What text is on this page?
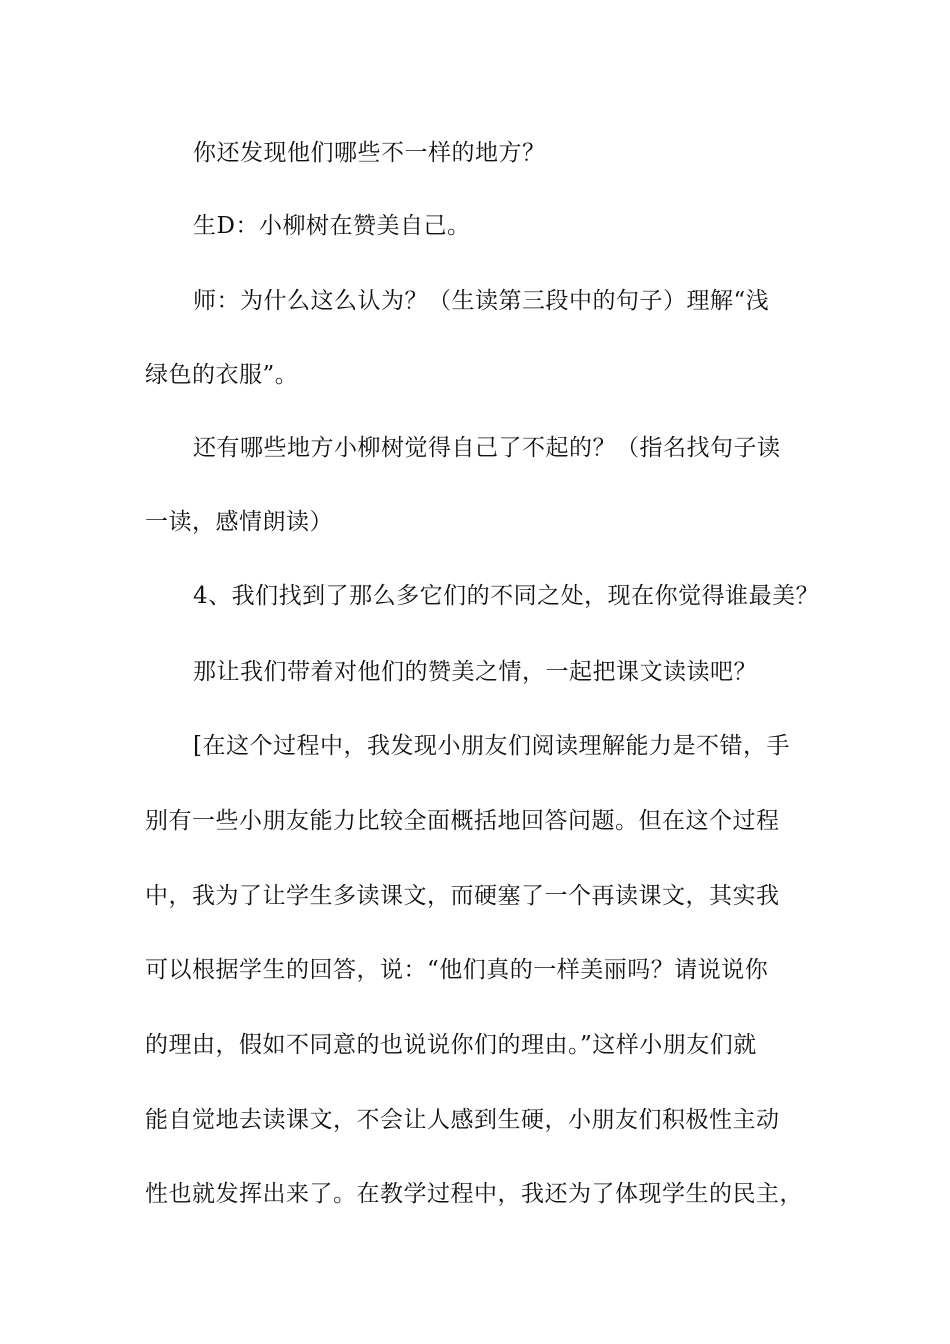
你还发现他们哪些不一样的地方？

生D：小柳树在赞美自己。

师：为什么这么认为？（生读第三段中的句子）理解“浅

绿色的衣服”。

还有哪些地方小柳树觉得自己了不起的？（指名找句子读

一读，感情朗读）

4、我们找到了那么多它们的不同之处，现在你觉得谁最美？

那让我们带着对他们的赞美之情，一起把课文读读吧？

[在这个过程中，我发现小朋友们阅读理解能力是不错，手

别有一些小朋友能力比较全面概括地回答问题。但在这个过程

中，我为了让学生多读课文，而硬塞了一个再读课文，其实我

可以根据学生的回答，说：“他们真的一样美丽吗？请说说你

的理由，假如不同意的也说说你们的理由。”这样小朋友们就

能自觉地去读课文，不会让人感到生硬，小朋友们积极性主动

性也就发挥出来了。在教学过程中，我还为了体现学生的民主，
